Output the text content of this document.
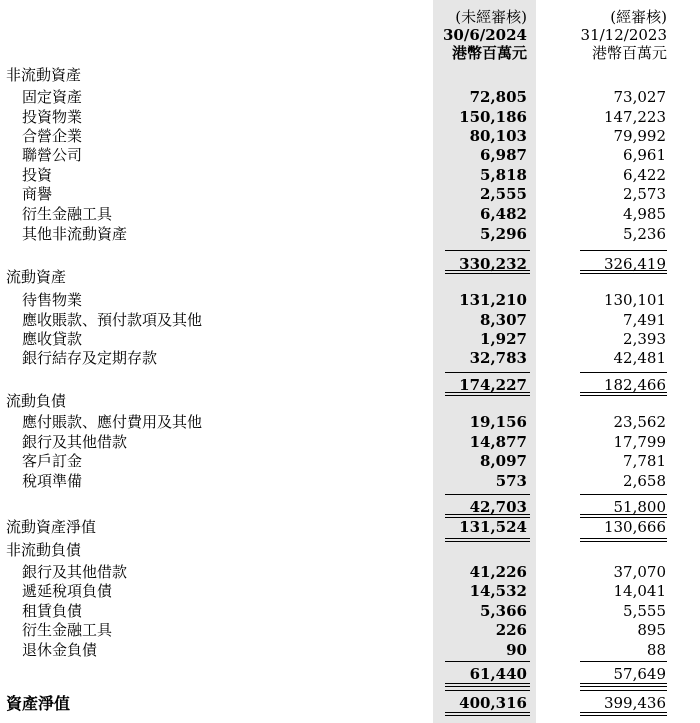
(未經審核)
30/6/2024
港幣百萬元
(經審核)
31/12/2023
港幣百萬元
非流動資產
固定資產	72,805	73,027
投資物業	150,186	147,223
合營企業	80,103	79,992
聯營公司	6,987	6,961
投資	5,818	6,422
商譽	2,555	2,573
衍生金融工具	6,482	4,985
其他非流動資產	5,296	5,236
330,232	326,419
流動資產
待售物業	131,210	130,101
應收賬款、預付款項及其他	8,307	7,491
應收貸款	1,927	2,393
銀行結存及定期存款	32,783	42,481
174,227	182,466
流動負債
應付賬款、應付費用及其他	19,156	23,562
銀行及其他借款	14,877	17,799
客戶訂金	8,097	7,781
稅項準備	573	2,658
42,703	51,800
流動資產淨值	131,524	130,666
非流動負債
銀行及其他借款	41,226	37,070
遞延稅項負債	14,532	14,041
租賃負債	5,366	5,555
衍生金融工具	226	895
退休金負債	90	88
61,440	57,649
資產淨值	400,316	399,436
